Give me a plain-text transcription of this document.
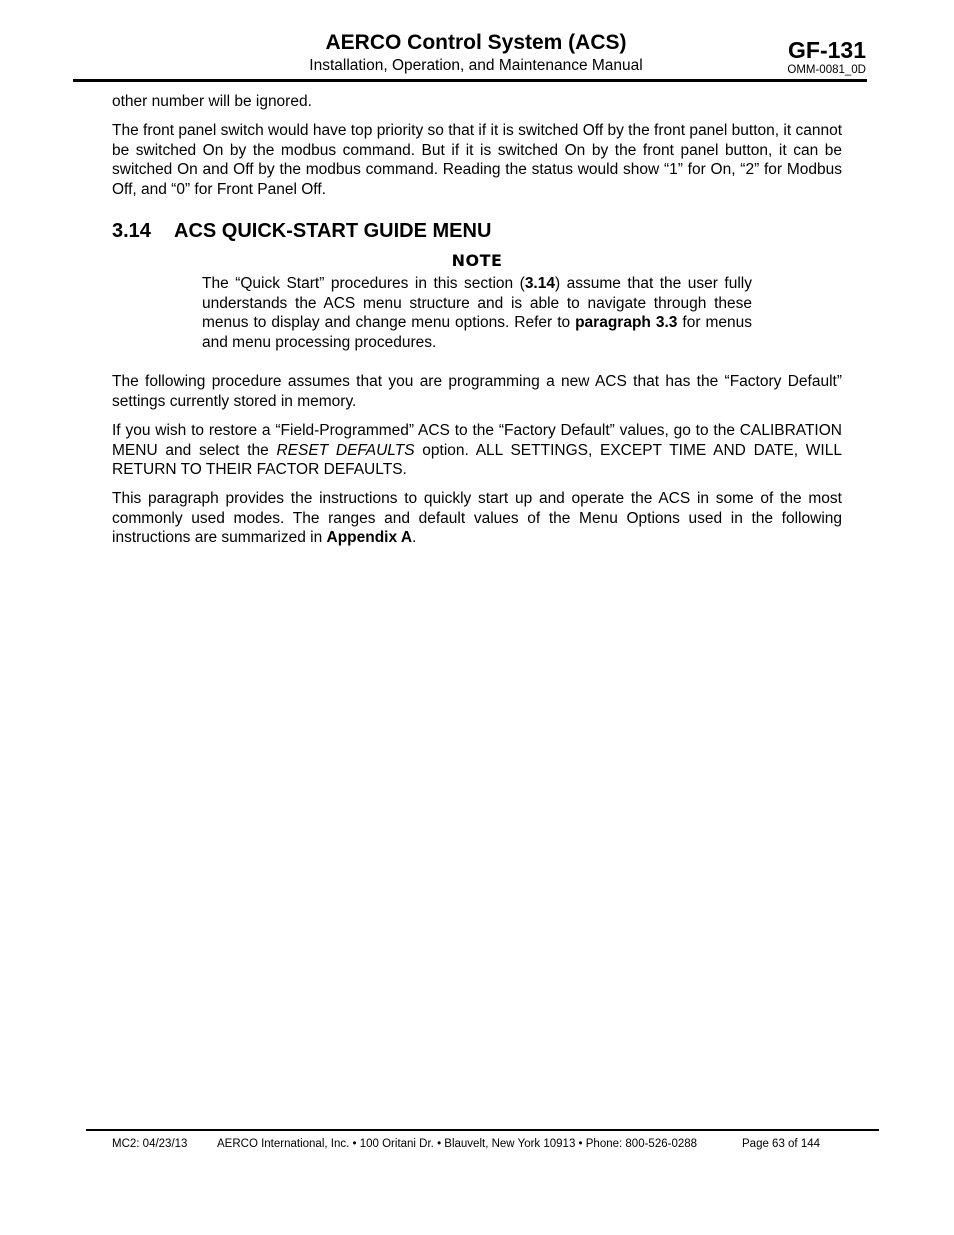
AERCO Control System (ACS)
Installation, Operation, and Maintenance Manual
GF-131
OMM-0081_0D

other number will be ignored.

The front panel switch would have top priority so that if it is switched Off by the front panel button, it cannot be switched On by the modbus command. But if it is switched On by the front panel button, it can be switched On and Off by the modbus command. Reading the status would show “1” for On, “2” for Modbus Off, and “0” for Front Panel Off.

3.14 ACS QUICK-START GUIDE MENU
NOTE

The “Quick Start” procedures in this section (3.14) assume that the user fully understands the ACS menu structure and is able to navigate through these menus to display and change menu options. Refer to paragraph 3.3 for menus and menu processing procedures.

The following procedure assumes that you are programming a new ACS that has the “Factory Default” settings currently stored in memory.

If you wish to restore a “Field-Programmed” ACS to the “Factory Default” values, go to the CALIBRATION MENU and select the RESET DEFAULTS option. ALL SETTINGS, EXCEPT TIME AND DATE, WILL RETURN TO THEIR FACTOR DEFAULTS.

This paragraph provides the instructions to quickly start up and operate the ACS in some of the most commonly used modes. The ranges and default values of the Menu Options used in the following instructions are summarized in Appendix A.

MC2: 04/23/13	AERCO International, Inc. • 100 Oritani Dr. • Blauvelt, New York 10913 • Phone: 800-526-0288	Page 63 of 144
